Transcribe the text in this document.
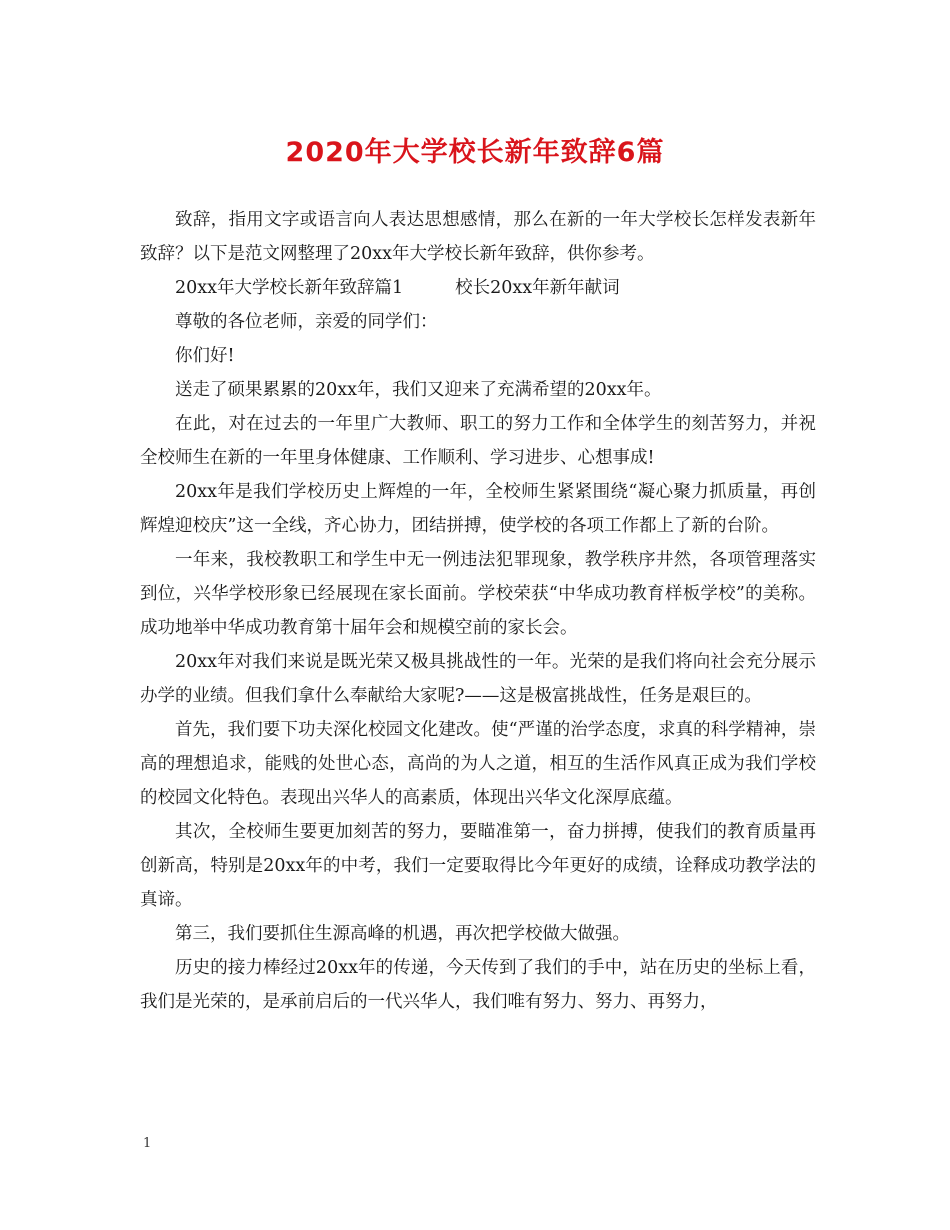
2020年大学校长新年致辞6篇

致辞，指用文字或语言向人表达思想感情，那么在新的一年大学校长怎样发表新年致辞？以下是范文网整理了20xx年大学校长新年致辞，供你参考。

20xx年大学校长新年致辞篇1	校长20xx年新年献词

尊敬的各位老师，亲爱的同学们：

你们好!

送走了硕果累累的20xx年，我们又迎来了充满希望的20xx年。

在此，对在过去的一年里广大教师、职工的努力工作和全体学生的刻苦努力，并祝全校师生在新的一年里身体健康、工作顺利、学习进步、心想事成!

20xx年是我们学校历史上辉煌的一年，全校师生紧紧围绕“凝心聚力抓质量，再创辉煌迎校庆”这一全线，齐心协力，团结拼搏，使学校的各项工作都上了新的台阶。

一年来，我校教职工和学生中无一例违法犯罪现象，教学秩序井然，各项管理落实到位，兴华学校形象已经展现在家长面前。学校荣获“中华成功教育样板学校”的美称。成功地举中华成功教育第十届年会和规模空前的家长会。

20xx年对我们来说是既光荣又极具挑战性的一年。光荣的是我们将向社会充分展示办学的业绩。但我们拿什么奉献给大家呢?——这是极富挑战性，任务是艰巨的。

首先，我们要下功夫深化校园文化建改。使“严谨的治学态度，求真的科学精神，崇高的理想追求，能贱的处世心态，高尚的为人之道，相互的生活作风真正成为我们学校的校园文化特色。表现出兴华人的高素质，体现出兴华文化深厚底蕴。

其次，全校师生要更加刻苦的努力，要瞄准第一，奋力拼搏，使我们的教育质量再创新高，特别是20xx年的中考，我们一定要取得比今年更好的成绩，诠释成功教学法的真谛。

第三，我们要抓住生源高峰的机遇，再次把学校做大做强。

历史的接力棒经过20xx年的传递，今天传到了我们的手中，站在历史的坐标上看，我们是光荣的，是承前启后的一代兴华人，我们唯有努力、努力、再努力，

1
